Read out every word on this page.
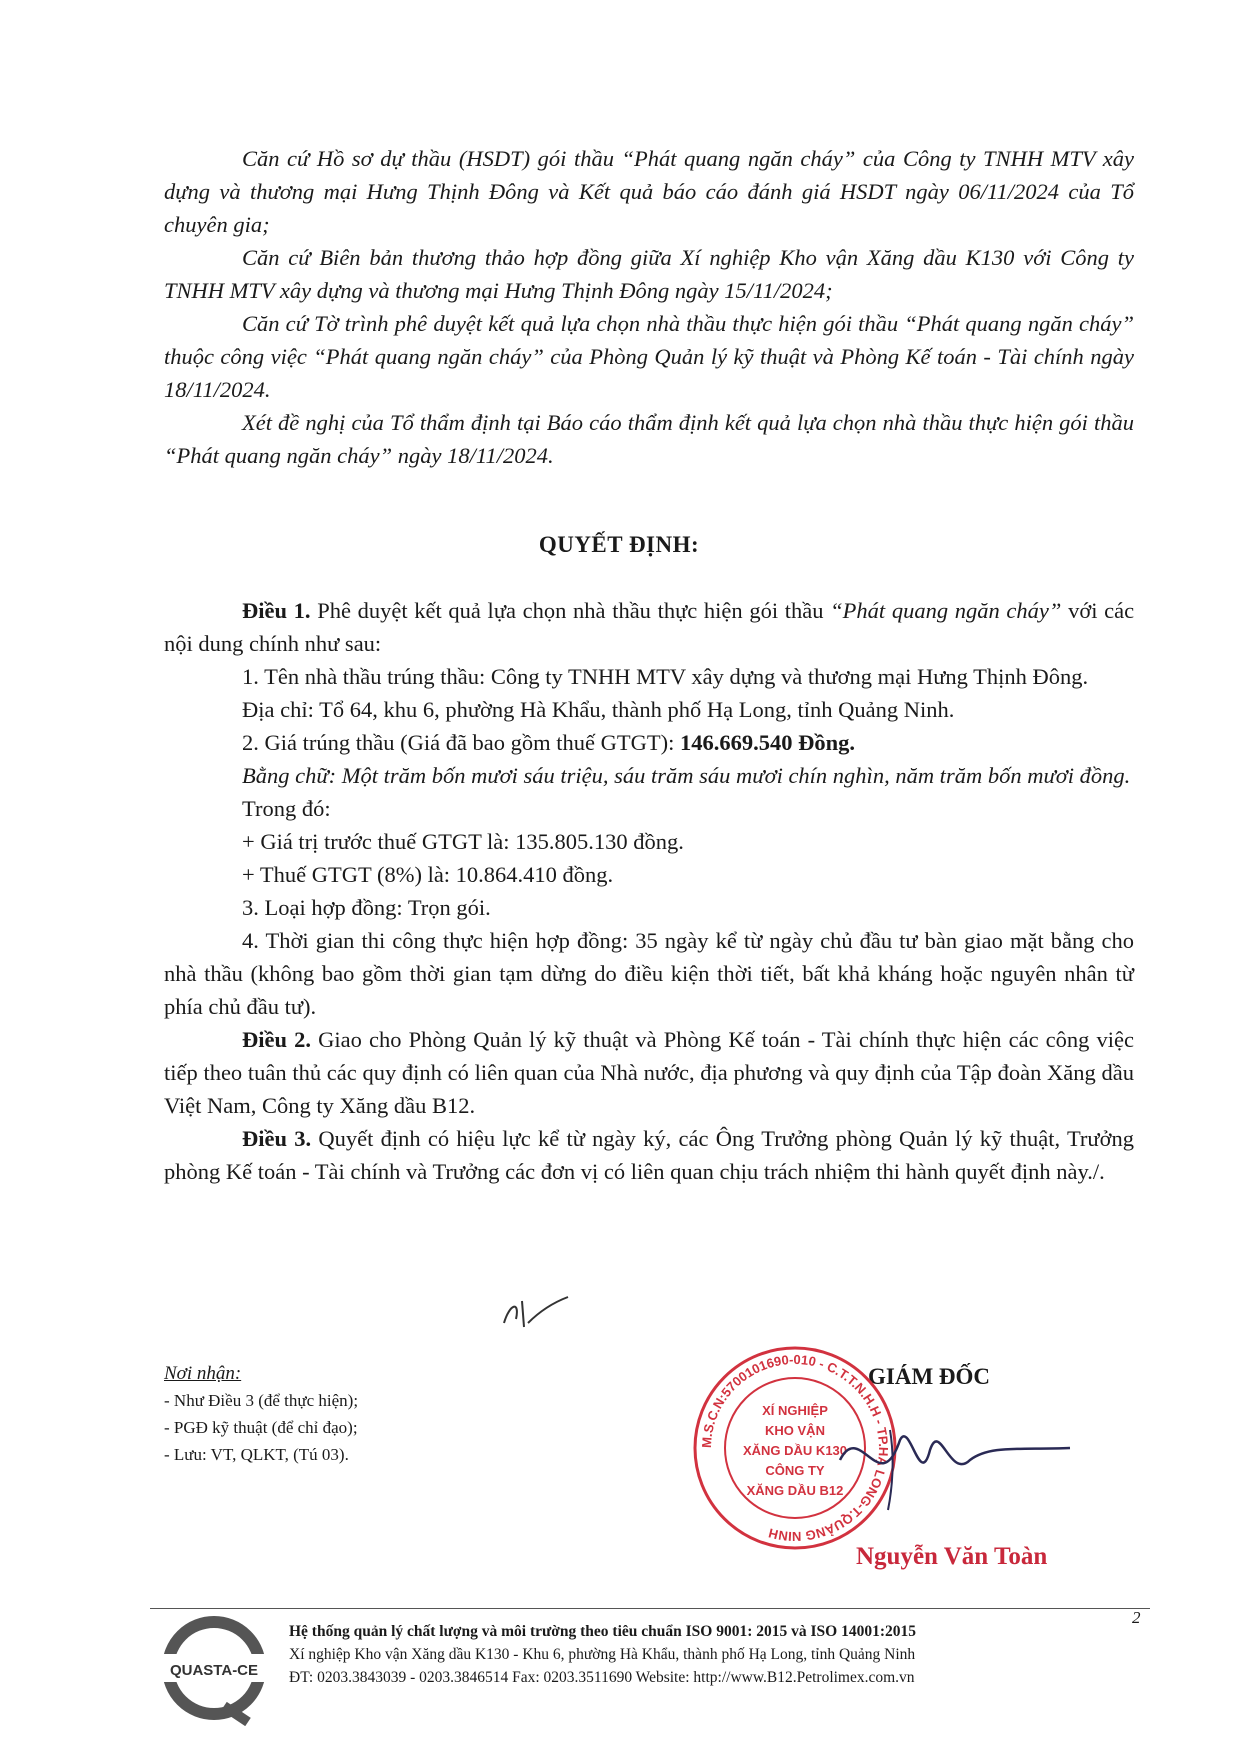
Căn cứ Hồ sơ dự thầu (HSDT) gói thầu “Phát quang ngăn cháy” của Công ty TNHH MTV xây dựng và thương mại Hưng Thịnh Đông và Kết quả báo cáo đánh giá HSDT ngày 06/11/2024 của Tổ chuyên gia;

Căn cứ Biên bản thương thảo hợp đồng giữa Xí nghiệp Kho vận Xăng dầu K130 với Công ty TNHH MTV xây dựng và thương mại Hưng Thịnh Đông ngày 15/11/2024;

Căn cứ Tờ trình phê duyệt kết quả lựa chọn nhà thầu thực hiện gói thầu “Phát quang ngăn cháy” thuộc công việc “Phát quang ngăn cháy” của Phòng Quản lý kỹ thuật và Phòng Kế toán - Tài chính ngày 18/11/2024.

Xét đề nghị của Tổ thẩm định tại Báo cáo thẩm định kết quả lựa chọn nhà thầu thực hiện gói thầu “Phát quang ngăn cháy” ngày 18/11/2024.

QUYẾT ĐỊNH:

Điều 1. Phê duyệt kết quả lựa chọn nhà thầu thực hiện gói thầu “Phát quang ngăn cháy” với các nội dung chính như sau:

1. Tên nhà thầu trúng thầu: Công ty TNHH MTV xây dựng và thương mại Hưng Thịnh Đông.

Địa chỉ: Tổ 64, khu 6, phường Hà Khẩu, thành phố Hạ Long, tỉnh Quảng Ninh.

2. Giá trúng thầu (Giá đã bao gồm thuế GTGT): 146.669.540 Đồng.

Bằng chữ: Một trăm bốn mươi sáu triệu, sáu trăm sáu mươi chín nghìn, năm trăm bốn mươi đồng.

Trong đó:

+ Giá trị trước thuế GTGT là: 135.805.130 đồng.

+ Thuế GTGT (8%) là: 10.864.410 đồng.

3. Loại hợp đồng: Trọn gói.

4. Thời gian thi công thực hiện hợp đồng: 35 ngày kể từ ngày chủ đầu tư bàn giao mặt bằng cho nhà thầu (không bao gồm thời gian tạm dừng do điều kiện thời tiết, bất khả kháng hoặc nguyên nhân từ phía chủ đầu tư).

Điều 2. Giao cho Phòng Quản lý kỹ thuật và Phòng Kế toán - Tài chính thực hiện các công việc tiếp theo tuân thủ các quy định có liên quan của Nhà nước, địa phương và quy định của Tập đoàn Xăng dầu Việt Nam, Công ty Xăng dầu B12.

Điều 3. Quyết định có hiệu lực kể từ ngày ký, các Ông Trưởng phòng Quản lý kỹ thuật, Trưởng phòng Kế toán - Tài chính và Trưởng các đơn vị có liên quan chịu trách nhiệm thi hành quyết định này./.

Nơi nhận:
- Như Điều 3 (để thực hiện);
- PGĐ kỹ thuật (để chỉ đạo);
- Lưu: VT, QLKT, (Tú 03).
GIÁM ĐỐC
M.S.C.N:5700101690-010 - C.T.T.N.H.H - TP.HẠ LONG-T.QUẢNG NINH
XÍ NGHIỆP
KHO VẬN
XĂNG DẦU K130
CÔNG TY
XĂNG DẦU B12
Nguyễn Văn Toàn
QUASTA-CE
Hệ thống quản lý chất lượng và môi trường theo tiêu chuẩn ISO 9001: 2015 và ISO 14001:2015
Xí nghiệp Kho vận Xăng dầu K130 - Khu 6, phường Hà Khẩu, thành phố Hạ Long, tỉnh Quảng Ninh
ĐT: 0203.3843039 - 0203.3846514 Fax: 0203.3511690 Website: http://www.B12.Petrolimex.com.vn
2
